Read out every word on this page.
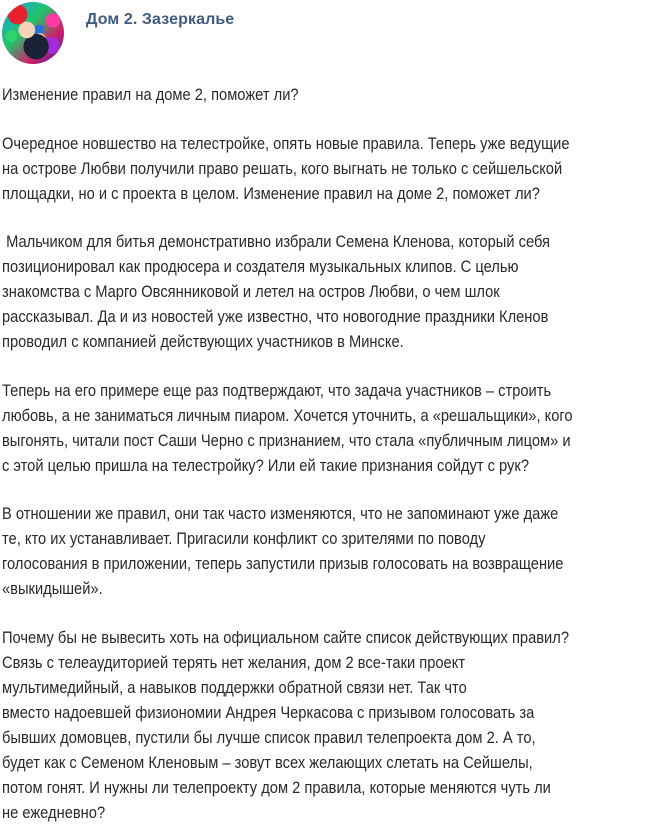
Дом 2. Зазеркалье

Изменение правил на доме 2, поможет ли?

Очередное новшество на телестройке, опять новые правила. Теперь уже ведущие
на острове Любви получили право решать, кого выгнать не только с сейшельской
площадки, но и с проекта в целом. Изменение правил на доме 2, поможет ли?

Мальчиком для битья демонстративно избрали Семена Кленова, который себя
позиционировал как продюсера и создателя музыкальных клипов. С целью
знакомства с Марго Овсянниковой и летел на остров Любви, о чем шлок
рассказывал. Да и из новостей уже известно, что новогодние праздники Кленов
проводил с компанией действующих участников в Минске.

Теперь на его примере еще раз подтверждают, что задача участников – строить
любовь, а не заниматься личным пиаром. Хочется уточнить, а «решальщики», кого
выгонять, читали пост Саши Черно с признанием, что стала «публичным лицом» и
с этой целью пришла на телестройку? Или ей такие признания сойдут с рук?

В отношении же правил, они так часто изменяются, что не запоминают уже даже
те, кто их устанавливает. Пригасили конфликт со зрителями по поводу
голосования в приложении, теперь запустили призыв голосовать на возвращение
«выкидышей».

Почему бы не вывесить хоть на официальном сайте список действующих правил?
Связь с телеаудиторией терять нет желания, дом 2 все-таки проект
мультимедийный, а навыков поддержки обратной связи нет. Так что
вместо надоевшей физиономии Андрея Черкасова с призывом голосовать за
бывших домовцев, пустили бы лучше список правил телепроекта дом 2. А то,
будет как с Семеном Кленовым – зовут всех желающих слетать на Сейшелы,
потом гонят. И нужны ли телепроекту дом 2 правила, которые меняются чуть ли
не ежедневно?
